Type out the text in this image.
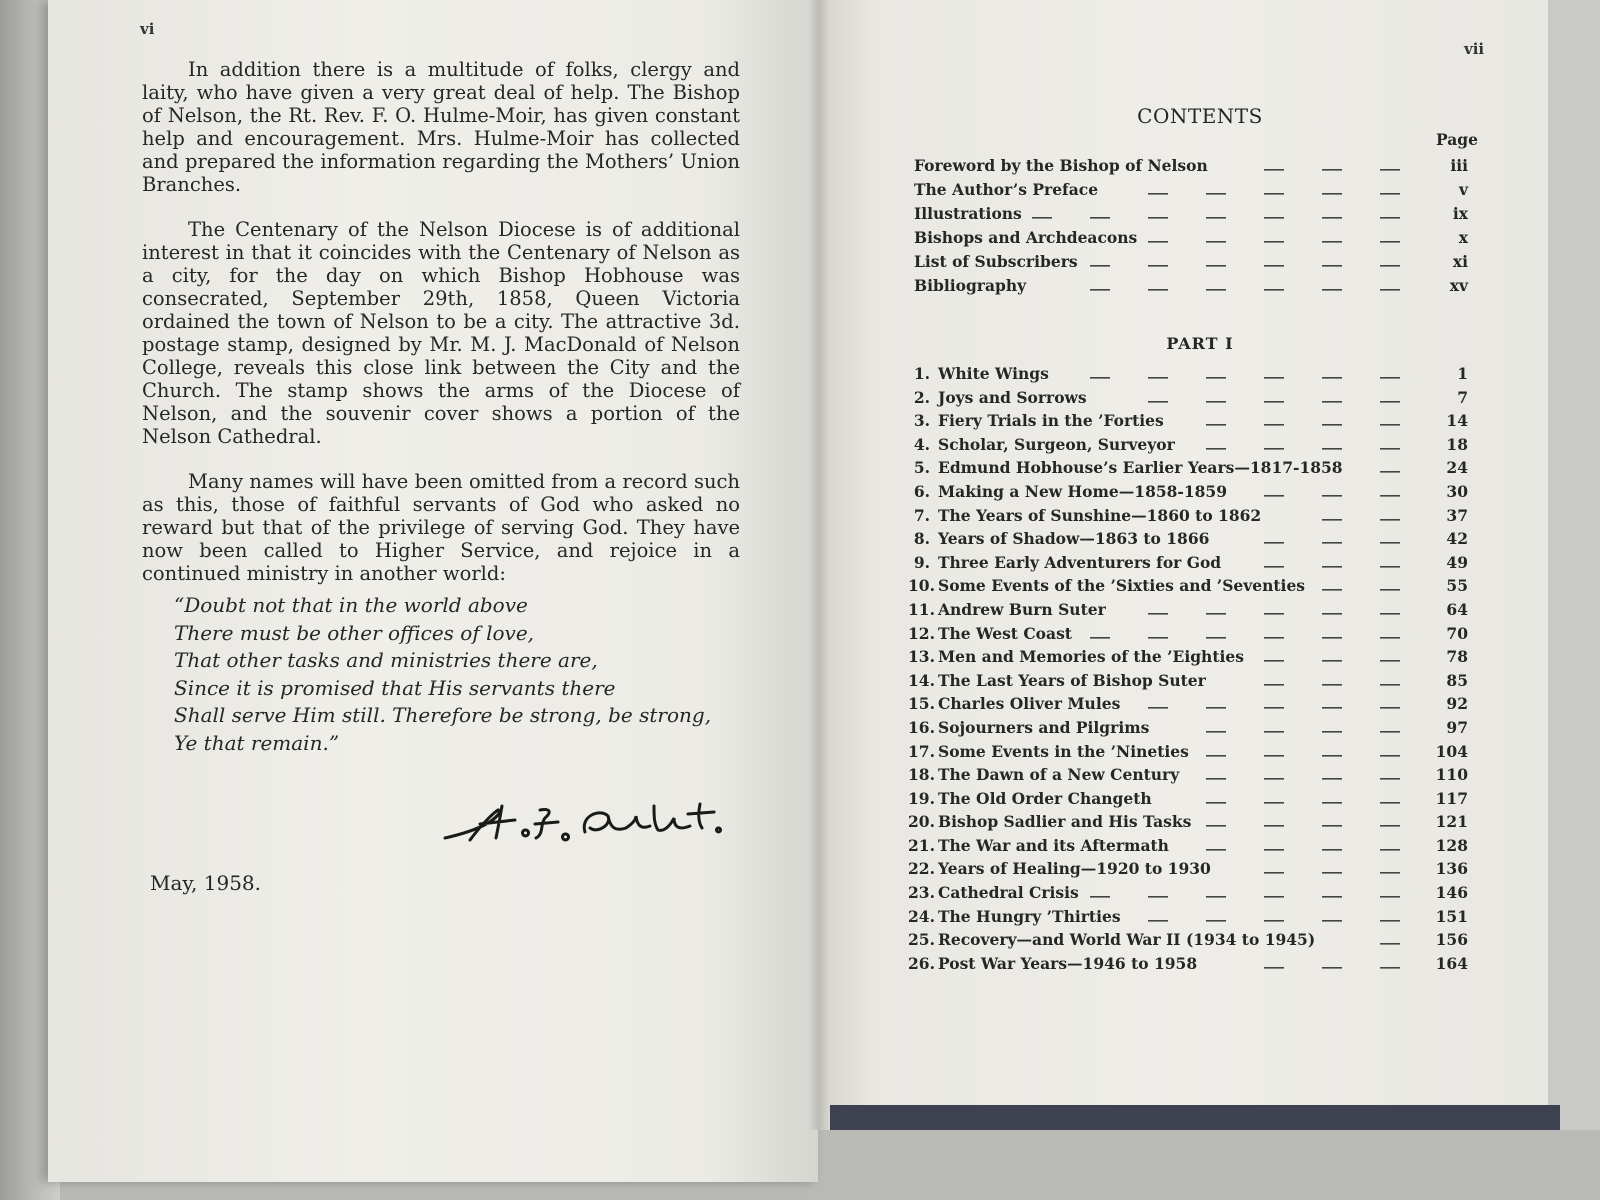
vi

In addition there is a multitude of folks, clergy and laity, who have given a very great deal of help. The Bishop of Nelson, the Rt. Rev. F. O. Hulme-Moir, has given constant help and encouragement. Mrs. Hulme-Moir has collected and prepared the information regarding the Mothers’ Union Branches.

The Centenary of the Nelson Diocese is of additional interest in that it coincides with the Centenary of Nelson as a city, for the day on which Bishop Hobhouse was consecrated, September 29th, 1858, Queen Victoria ordained the town of Nelson to be a city. The attractive 3d. postage stamp, designed by Mr. M. J. MacDonald of Nelson College, reveals this close link between the City and the Church. The stamp shows the arms of the Diocese of Nelson, and the souvenir cover shows a portion of the Nelson Cathedral.

Many names will have been omitted from a record such as this, those of faithful servants of God who asked no reward but that of the privilege of serving God. They have now been called to Higher Service, and rejoice in a continued ministry in another world:

“Doubt not that in the world above
There must be other offices of love,
That other tasks and ministries there are,
Since it is promised that His servants there
Shall serve Him still. Therefore be strong, be strong,
Ye that remain.”
May, 1958.
vii
CONTENTS
Page
Foreword by the Bishop of Nelson	iii
The Author’s Preface	v
Illustrations	ix
Bishops and Archdeacons	x
List of Subscribers	xi
Bibliography	xv
PART I
1. White Wings	1
2. Joys and Sorrows	7
3. Fiery Trials in the ’Forties	14
4. Scholar, Surgeon, Surveyor	18
5. Edmund Hobhouse’s Earlier Years—1817-1858	24
6. Making a New Home—1858-1859	30
7. The Years of Sunshine—1860 to 1862	37
8. Years of Shadow—1863 to 1866	42
9. Three Early Adventurers for God	49
10. Some Events of the ’Sixties and ’Seventies	55
11. Andrew Burn Suter	64
12. The West Coast	70
13. Men and Memories of the ’Eighties	78
14. The Last Years of Bishop Suter	85
15. Charles Oliver Mules	92
16. Sojourners and Pilgrims	97
17. Some Events in the ’Nineties	104
18. The Dawn of a New Century	110
19. The Old Order Changeth	117
20. Bishop Sadlier and His Tasks	121
21. The War and its Aftermath	128
22. Years of Healing—1920 to 1930	136
23. Cathedral Crisis	146
24. The Hungry ’Thirties	151
25. Recovery—and World War II (1934 to 1945)	156
26. Post War Years—1946 to 1958	164
